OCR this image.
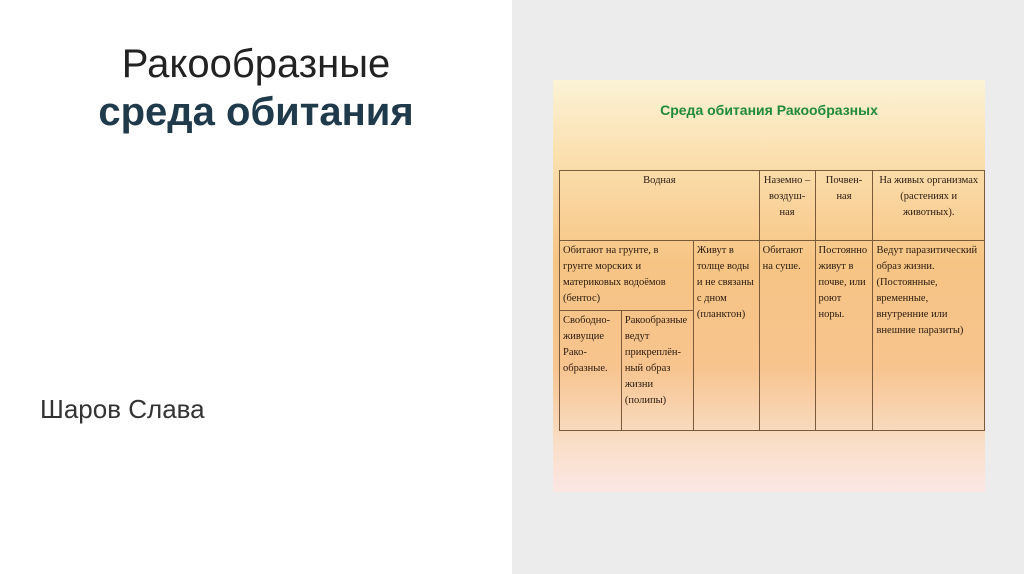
Ракообразные
среда обитания
Шаров Слава
Среда обитания Ракообразных
Водная			Наземно – воздуш-ная	Почвен-ная	На живых организмах (растениях и животных).
Обитают на грунте, в грунте морских и материковых водоёмов (бентос)		Живут в толще воды и не связаны с дном (планктон)	Обитают на суше.	Постоянно живут в почве, или роют норы.	Ведут паразитический образ жизни. (Постоянные, временные, внутренние или внешние паразиты)
Свободно-живущие Рако-образные.	Ракообразные ведут прикреплён-ный образ жизни (полипы)				
